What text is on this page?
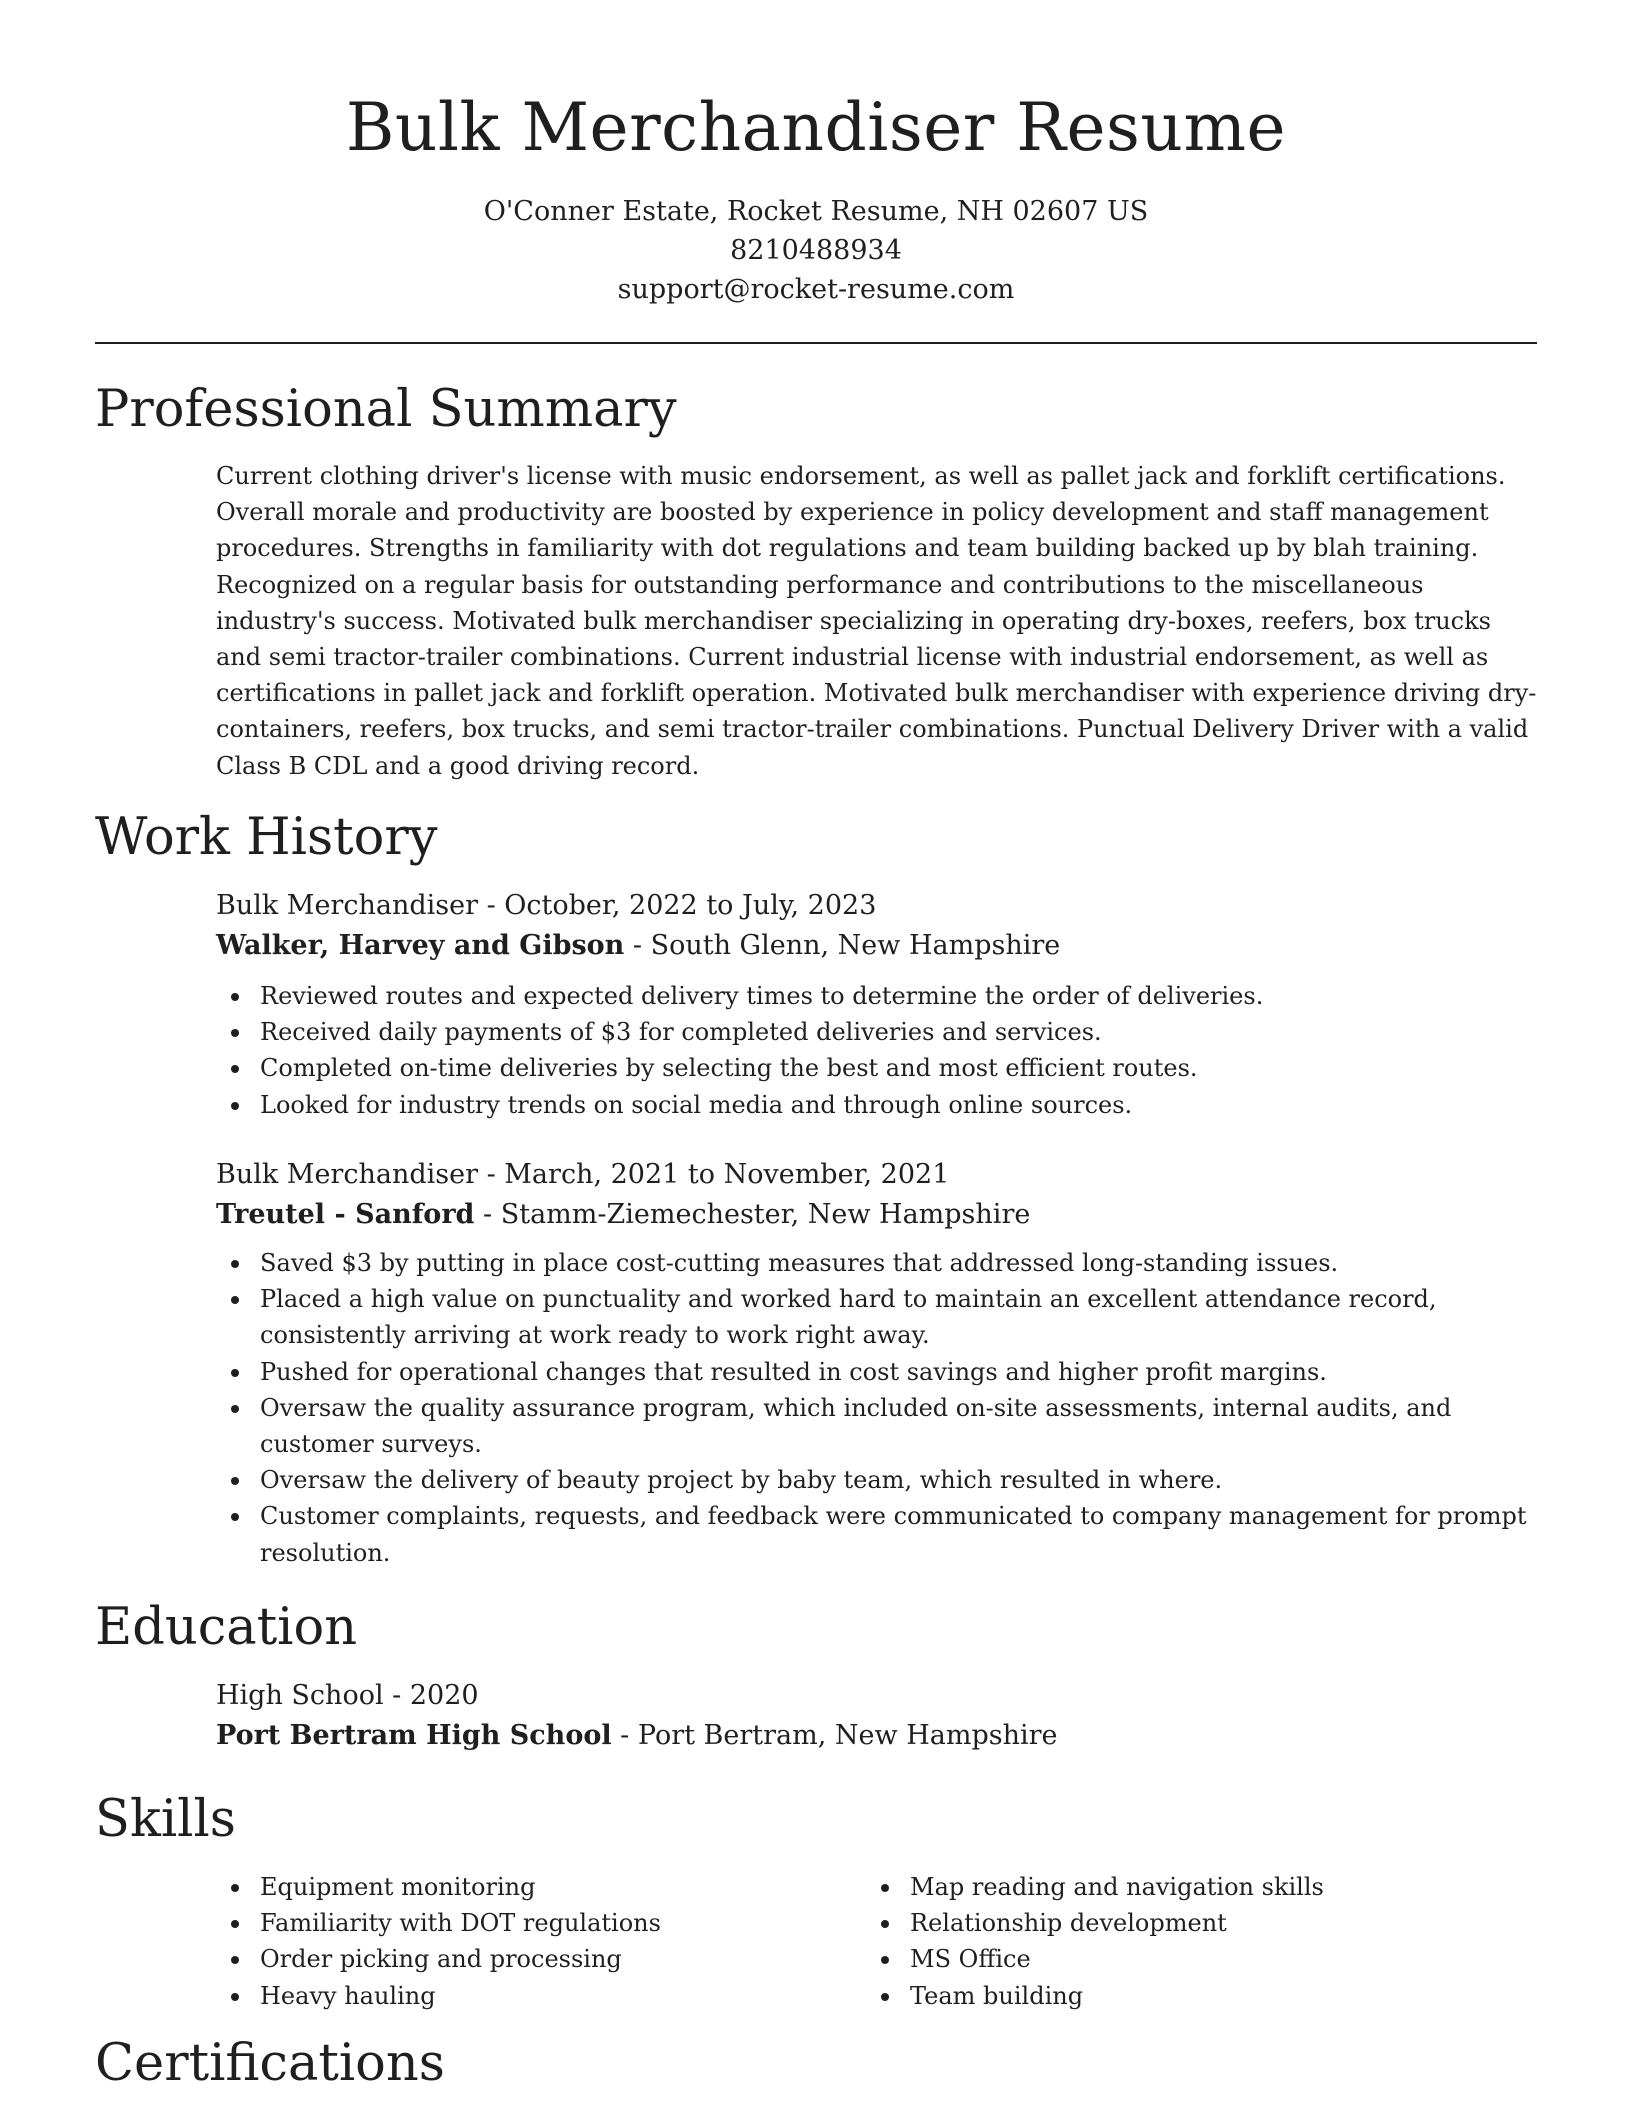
Bulk Merchandiser Resume

O'Conner Estate, Rocket Resume, NH 02607 US

8210488934

support@rocket-resume.com

Professional Summary

Current clothing driver's license with music endorsement, as well as pallet jack and forklift certifications. Overall morale and productivity are boosted by experience in policy development and staff management procedures. Strengths in familiarity with dot regulations and team building backed up by blah training. Recognized on a regular basis for outstanding performance and contributions to the miscellaneous industry's success. Motivated bulk merchandiser specializing in operating dry-boxes, reefers, box trucks and semi tractor-trailer combinations. Current industrial license with industrial endorsement, as well as certifications in pallet jack and forklift operation. Motivated bulk merchandiser with experience driving dry-containers, reefers, box trucks, and semi tractor-trailer combinations. Punctual Delivery Driver with a valid Class B CDL and a good driving record.

Work History

Bulk Merchandiser - October, 2022 to July, 2023

Walker, Harvey and Gibson - South Glenn, New Hampshire

Reviewed routes and expected delivery times to determine the order of deliveries.
Received daily payments of $3 for completed deliveries and services.
Completed on-time deliveries by selecting the best and most efficient routes.
Looked for industry trends on social media and through online sources.

Bulk Merchandiser - March, 2021 to November, 2021

Treutel - Sanford - Stamm-Ziemechester, New Hampshire

Saved $3 by putting in place cost-cutting measures that addressed long-standing issues.
Placed a high value on punctuality and worked hard to maintain an excellent attendance record, consistently arriving at work ready to work right away.
Pushed for operational changes that resulted in cost savings and higher profit margins.
Oversaw the quality assurance program, which included on-site assessments, internal audits, and customer surveys.
Oversaw the delivery of beauty project by baby team, which resulted in where.
Customer complaints, requests, and feedback were communicated to company management for prompt resolution.
Education

High School - 2020

Port Bertram High School - Port Bertram, New Hampshire

Skills
Equipment monitoring
Familiarity with DOT regulations
Order picking and processing
Heavy hauling
Map reading and navigation skills
Relationship development
MS Office
Team building
Certifications
